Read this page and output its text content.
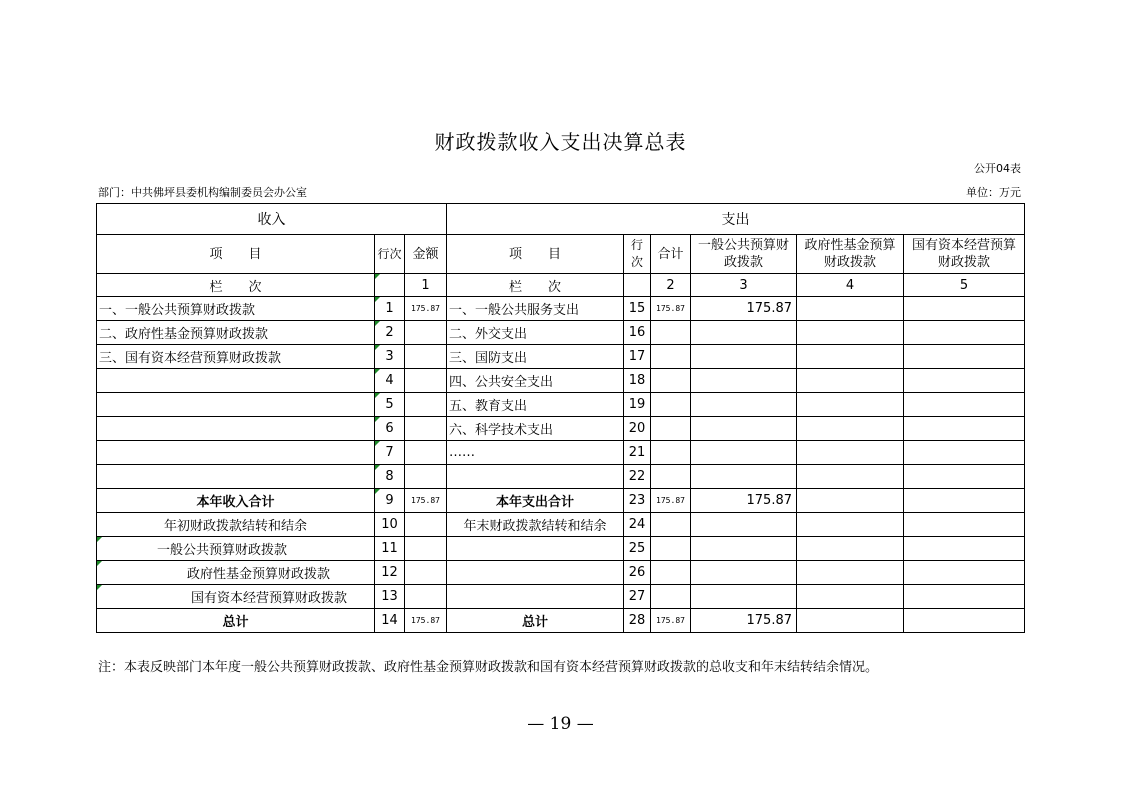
财政拨款收入支出决算总表
公开04表
部门：中共佛坪县委机构编制委员会办公室	单位：万元
收入			支出					
项　　目	行次	金额	项　　目	行次	合计	一般公共预算财政拨款	政府性基金预算财政拨款	国有资本经营预算财政拨款
栏　　次		1	栏　　次		2	3	4	5
一、一般公共预算财政拨款	1	175.87	一、一般公共服务支出	15	175.87	175.87		
二、政府性基金预算财政拨款	2		二、外交支出	16				
三、国有资本经营预算财政拨款	3		三、国防支出	17				
	4		四、公共安全支出	18				
	5		五、教育支出	19				
	6		六、科学技术支出	20				
	7		……	21				
	8			22				
本年收入合计	9	175.87	本年支出合计	23	175.87	175.87		
年初财政拨款结转和结余	10		年末财政拨款结转和结余	24				
一般公共预算财政拨款	11			25				
政府性基金预算财政拨款	12			26				
国有资本经营预算财政拨款	13			27				
总计	14	175.87	总计	28	175.87	175.87		
注：本表反映部门本年度一般公共预算财政拨款、政府性基金预算财政拨款和国有资本经营预算财政拨款的总收支和年末结转结余情况。
— 19 —
